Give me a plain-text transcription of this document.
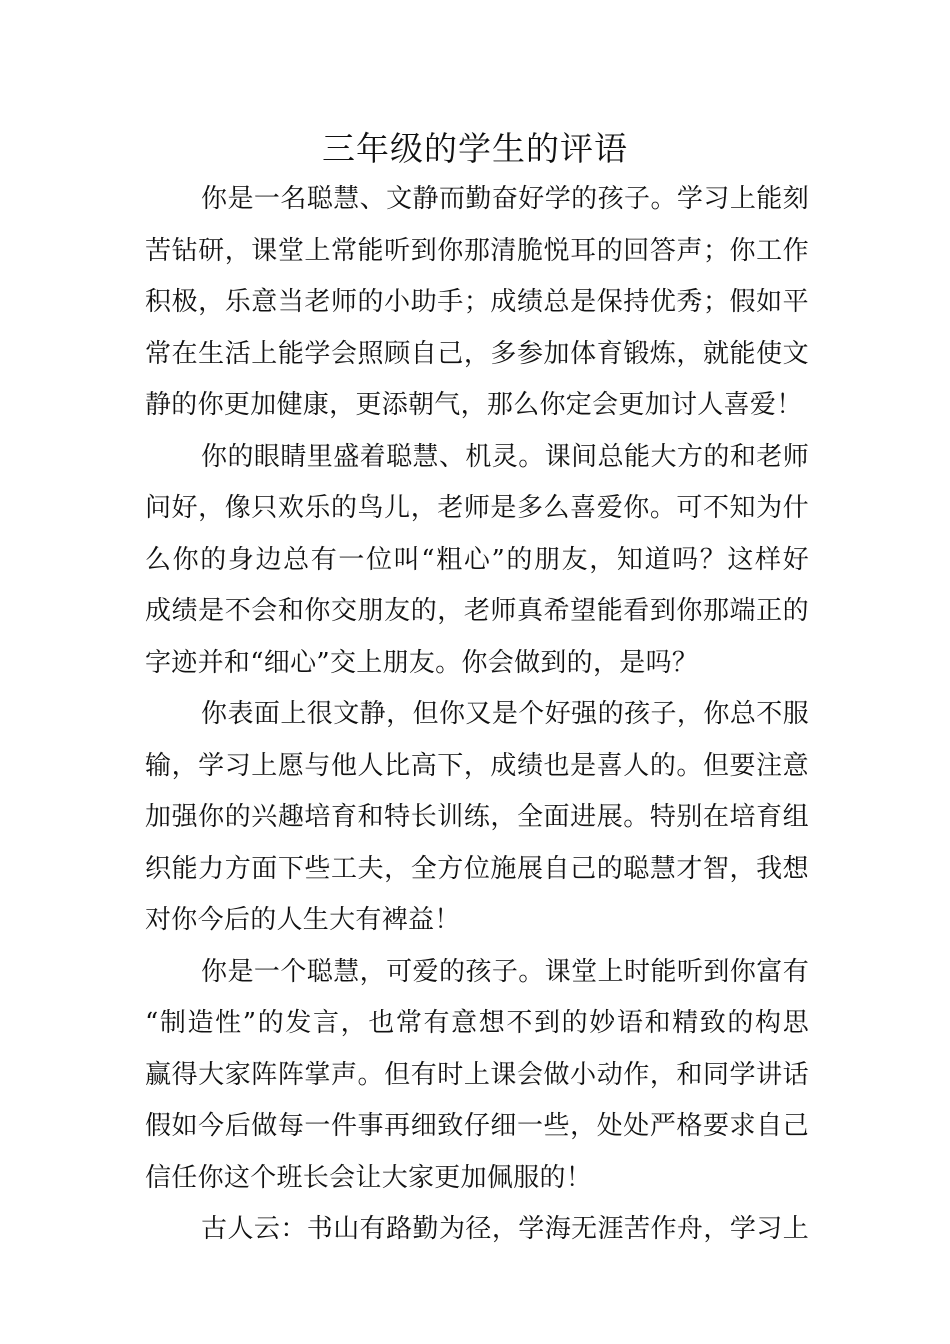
三年级的学生的评语
你是一名聪慧、文静而勤奋好学的孩子。学习上能刻
苦钻研，课堂上常能听到你那清脆悦耳的回答声；你工作
积极，乐意当老师的小助手；成绩总是保持优秀；假如平
常在生活上能学会照顾自己，多参加体育锻炼，就能使文
静的你更加健康，更添朝气，那么你定会更加讨人喜爱！
你的眼睛里盛着聪慧、机灵。课间总能大方的和老师
问好，像只欢乐的鸟儿，老师是多么喜爱你。可不知为什
么你的身边总有一位叫“粗心”的朋友，知道吗？这样好
成绩是不会和你交朋友的，老师真希望能看到你那端正的
字迹并和“细心”交上朋友。你会做到的，是吗？
你表面上很文静，但你又是个好强的孩子，你总不服
输，学习上愿与他人比高下，成绩也是喜人的。但要注意
加强你的兴趣培育和特长训练，全面进展。特别在培育组
织能力方面下些工夫，全方位施展自己的聪慧才智，我想
对你今后的人生大有裨益！
你是一个聪慧，可爱的孩子。课堂上时能听到你富有
“制造性”的发言，也常有意想不到的妙语和精致的构思
赢得大家阵阵掌声。但有时上课会做小动作，和同学讲话
假如今后做每一件事再细致仔细一些，处处严格要求自己
信任你这个班长会让大家更加佩服的！
古人云：书山有路勤为径，学海无涯苦作舟，学习上
